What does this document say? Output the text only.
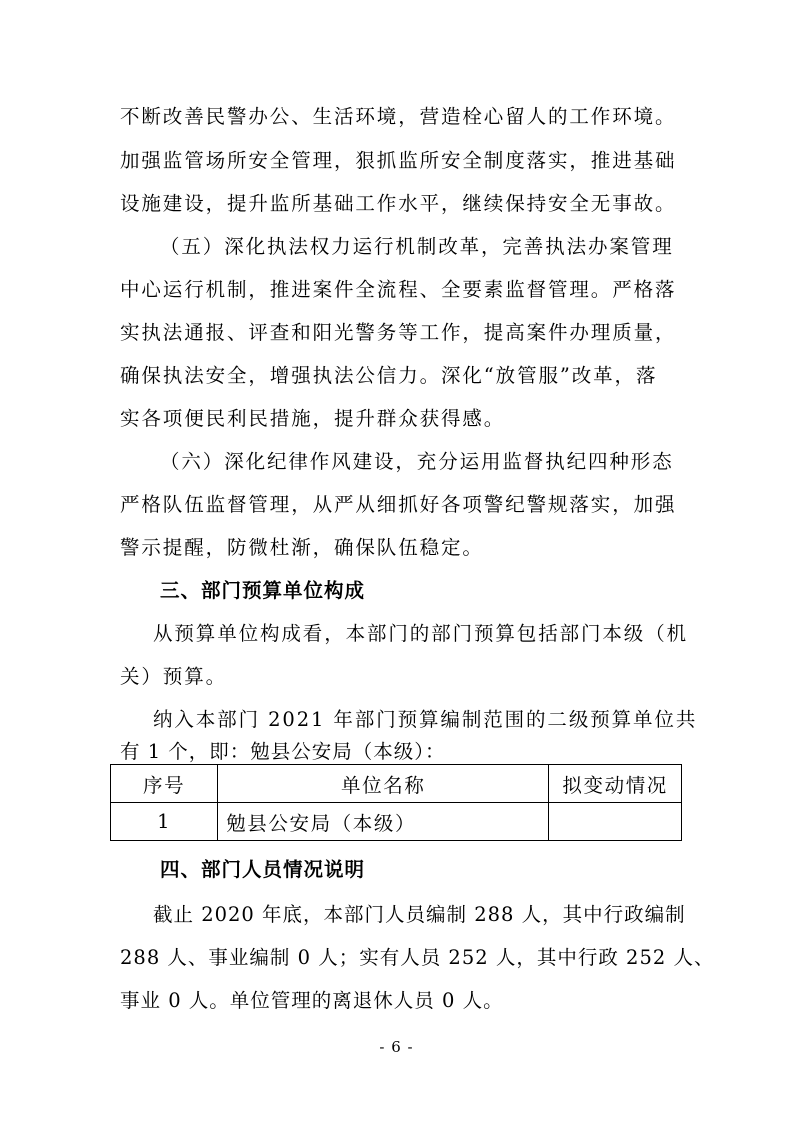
不断改善民警办公、生活环境，营造栓心留人的工作环境。
加强监管场所安全管理，狠抓监所安全制度落实，推进基础
设施建设，提升监所基础工作水平，继续保持安全无事故。
（五）深化执法权力运行机制改革，完善执法办案管理
中心运行机制，推进案件全流程、全要素监督管理。严格落
实执法通报、评查和阳光警务等工作，提高案件办理质量，
确保执法安全，增强执法公信力。深化“放管服”改革，落
实各项便民利民措施，提升群众获得感。
（六）深化纪律作风建设，充分运用监督执纪四种形态
严格队伍监督管理，从严从细抓好各项警纪警规落实，加强
警示提醒，防微杜渐，确保队伍稳定。
三、部门预算单位构成
从预算单位构成看，本部门的部门预算包括部门本级（机
关）预算。
纳入本部门 2021 年部门预算编制范围的二级预算单位共
有 1 个，即：勉县公安局（本级）：
序号	单位名称	拟变动情况
1	勉县公安局（本级）	
四、部门人员情况说明
截止 2020 年底，本部门人员编制 288 人，其中行政编制
288 人、事业编制 0 人；实有人员 252 人，其中行政 252 人、
事业 0 人。单位管理的离退休人员 0 人。
- 6 -
